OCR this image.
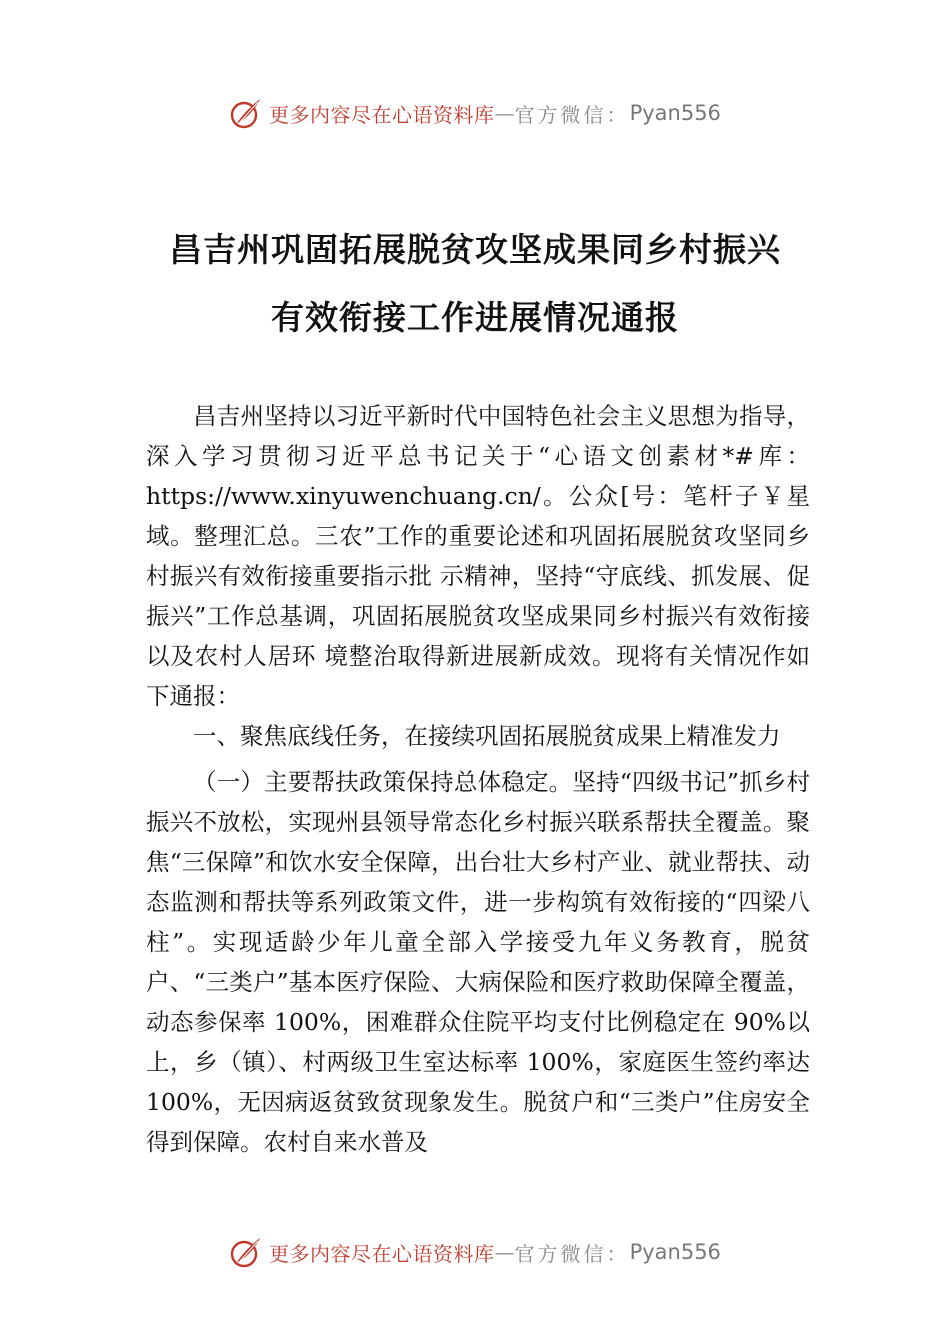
更多内容尽在心语资料库 — 官方微信： Pyan556
昌吉州巩固拓展脱贫攻坚成果同乡村振兴
有效衔接工作进展情况通报

昌吉州坚持以习近平新时代中国特色社会主义思想为指导，深入学习贯彻习近平总书记关于“心语文创素材*#库：https://www.xinyuwenchuang.cn/。公众[号：笔杆子￥星域。整理汇总。三农”工作的重要论述和巩固拓展脱贫攻坚同乡村振兴有效衔接重要指示批 示精神，坚持“守底线、抓发展、促振兴”工作总基调，巩固拓展脱贫攻坚成果同乡村振兴有效衔接以及农村人居环 境整治取得新进展新成效。现将有关情况作如下通报：

一、聚焦底线任务，在接续巩固拓展脱贫成果上精准发力

（一）主要帮扶政策保持总体稳定。坚持“四级书记”抓乡村振兴不放松，实现州县领导常态化乡村振兴联系帮扶全覆盖。聚焦“三保障”和饮水安全保障，出台壮大乡村产业、就业帮扶、动态监测和帮扶等系列政策文件，进一步构筑有效衔接的“四梁八柱”。实现适龄少年儿童全部入学接受九年义务教育，脱贫户、“三类户”基本医疗保险、大病保险和医疗救助保障全覆盖，动态参保率 100%，困难群众住院平均支付比例稳定在 90%以上，乡（镇）、村两级卫生室达标率 100%，家庭医生签约率达 100%，无因病返贫致贫现象发生。脱贫户和“三类户”住房安全得到保障。农村自来水普及

更多内容尽在心语资料库 — 官方微信： Pyan556
